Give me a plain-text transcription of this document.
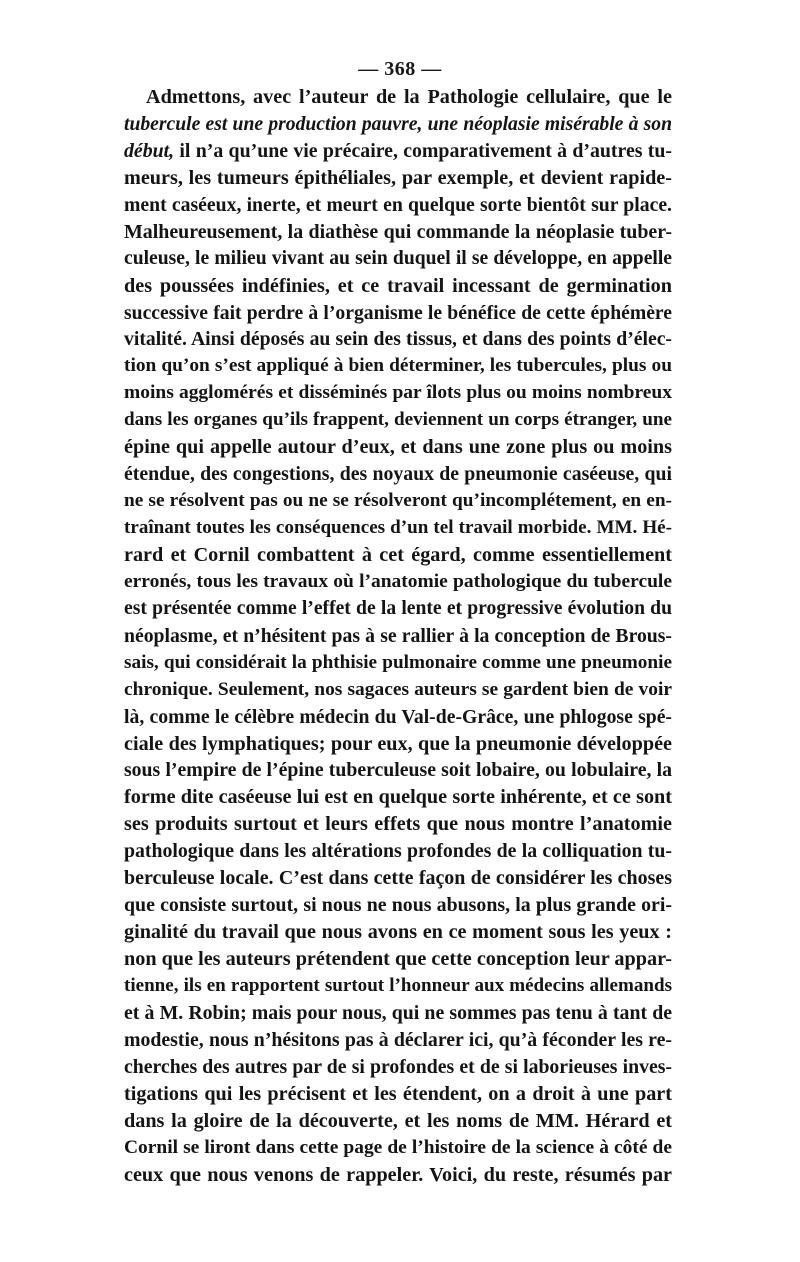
— 368 —
Admettons, avec l’auteur de la Pathologie cellulaire, que le
tubercule est une production pauvre, une néoplasie misérable à son
début, il n’a qu’une vie précaire, comparativement à d’autres tu-
meurs, les tumeurs épithéliales, par exemple, et devient rapide-
ment caséeux, inerte, et meurt en quelque sorte bientôt sur place.
Malheureusement, la diathèse qui commande la néoplasie tuber-
culeuse, le milieu vivant au sein duquel il se développe, en appelle
des poussées indéfinies, et ce travail incessant de germination
successive fait perdre à l’organisme le bénéfice de cette éphémère
vitalité. Ainsi déposés au sein des tissus, et dans des points d’élec-
tion qu’on s’est appliqué à bien déterminer, les tubercules, plus ou
moins agglomérés et disséminés par îlots plus ou moins nombreux
dans les organes qu’ils frappent, deviennent un corps étranger, une
épine qui appelle autour d’eux, et dans une zone plus ou moins
étendue, des congestions, des noyaux de pneumonie caséeuse, qui
ne se résolvent pas ou ne se résolveront qu’incomplétement, en en-
traînant toutes les conséquences d’un tel travail morbide. MM. Hé-
rard et Cornil combattent à cet égard, comme essentiellement
erronés, tous les travaux où l’anatomie pathologique du tubercule
est présentée comme l’effet de la lente et progressive évolution du
néoplasme, et n’hésitent pas à se rallier à la conception de Brous-
sais, qui considérait la phthisie pulmonaire comme une pneumonie
chronique. Seulement, nos sagaces auteurs se gardent bien de voir
là, comme le célèbre médecin du Val-de-Grâce, une phlogose spé-
ciale des lymphatiques; pour eux, que la pneumonie développée
sous l’empire de l’épine tuberculeuse soit lobaire, ou lobulaire, la
forme dite caséeuse lui est en quelque sorte inhérente, et ce sont
ses produits surtout et leurs effets que nous montre l’anatomie
pathologique dans les altérations profondes de la colliquation tu-
berculeuse locale. C’est dans cette façon de considérer les choses
que consiste surtout, si nous ne nous abusons, la plus grande ori-
ginalité du travail que nous avons en ce moment sous les yeux :
non que les auteurs prétendent que cette conception leur appar-
tienne, ils en rapportent surtout l’honneur aux médecins allemands
et à M. Robin; mais pour nous, qui ne sommes pas tenu à tant de
modestie, nous n’hésitons pas à déclarer ici, qu’à féconder les re-
cherches des autres par de si profondes et de si laborieuses inves-
tigations qui les précisent et les étendent, on a droit à une part
dans la gloire de la découverte, et les noms de MM. Hérard et
Cornil se liront dans cette page de l’histoire de la science à côté de
ceux que nous venons de rappeler. Voici, du reste, résumés par
